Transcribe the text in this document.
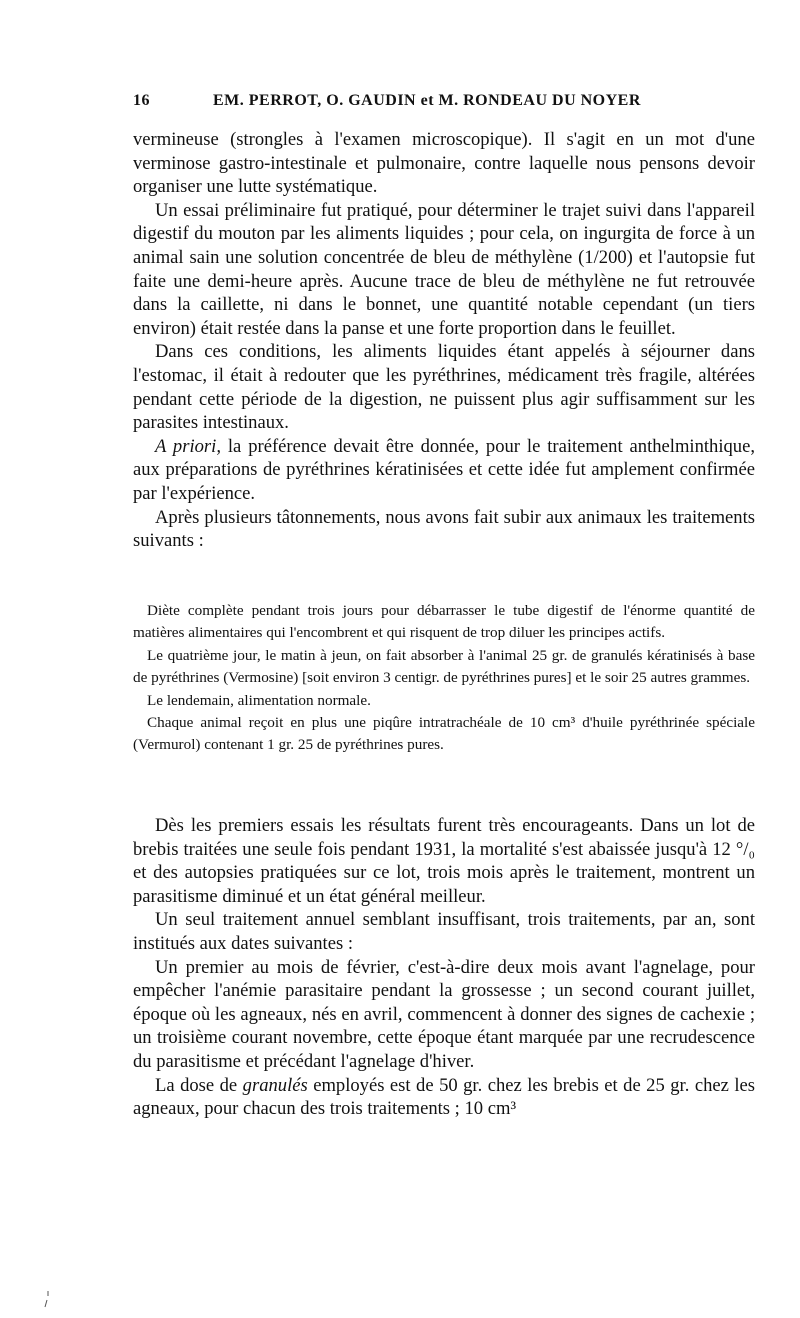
16	EM. PERROT, O. GAUDIN et M. RONDEAU DU NOYER

vermineuse (strongles à l'examen microscopique). Il s'agit en un mot d'une verminose gastro-intestinale et pulmonaire, contre laquelle nous pensons devoir organiser une lutte systématique.

Un essai préliminaire fut pratiqué, pour déterminer le trajet suivi dans l'appareil digestif du mouton par les aliments liquides ; pour cela, on ingurgita de force à un animal sain une solution concentrée de bleu de méthylène (1/200) et l'autopsie fut faite une demi-heure après. Aucune trace de bleu de méthylène ne fut retrouvée dans la caillette, ni dans le bonnet, une quantité notable cependant (un tiers environ) était restée dans la panse et une forte proportion dans le feuillet.

Dans ces conditions, les aliments liquides étant appelés à séjourner dans l'estomac, il était à redouter que les pyréthrines, médicament très fragile, altérées pendant cette période de la digestion, ne puissent plus agir suffisamment sur les parasites intestinaux.

A priori, la préférence devait être donnée, pour le traitement anthelminthique, aux préparations de pyréthrines kératinisées et cette idée fut amplement confirmée par l'expérience.

Après plusieurs tâtonnements, nous avons fait subir aux animaux les traitements suivants :

Diète complète pendant trois jours pour débarrasser le tube digestif de l'énorme quantité de matières alimentaires qui l'encombrent et qui risquent de trop diluer les principes actifs.

Le quatrième jour, le matin à jeun, on fait absorber à l'animal 25 gr. de granulés kératinisés à base de pyréthrines (Vermosine) [soit environ 3 centigr. de pyréthrines pures] et le soir 25 autres grammes.

Le lendemain, alimentation normale.

Chaque animal reçoit en plus une piqûre intratrachéale de 10 cm³ d'huile pyréthrinée spéciale (Vermurol) contenant 1 gr. 25 de pyréthrines pures.

Dès les premiers essais les résultats furent très encourageants. Dans un lot de brebis traitées une seule fois pendant 1931, la mortalité s'est abaissée jusqu'à 12 °/₀ et des autopsies pratiquées sur ce lot, trois mois après le traitement, montrent un parasitisme diminué et un état général meilleur.

Un seul traitement annuel semblant insuffisant, trois traitements, par an, sont institués aux dates suivantes :

Un premier au mois de février, c'est-à-dire deux mois avant l'agnelage, pour empêcher l'anémie parasitaire pendant la grossesse ; un second courant juillet, époque où les agneaux, nés en avril, commencent à donner des signes de cachexie ; un troisième courant novembre, cette époque étant marquée par une recrudescence du parasitisme et précédant l'agnelage d'hiver.

La dose de granulés employés est de 50 gr. chez les brebis et de 25 gr. chez les agneaux, pour chacun des trois traitements ; 10 cm³
